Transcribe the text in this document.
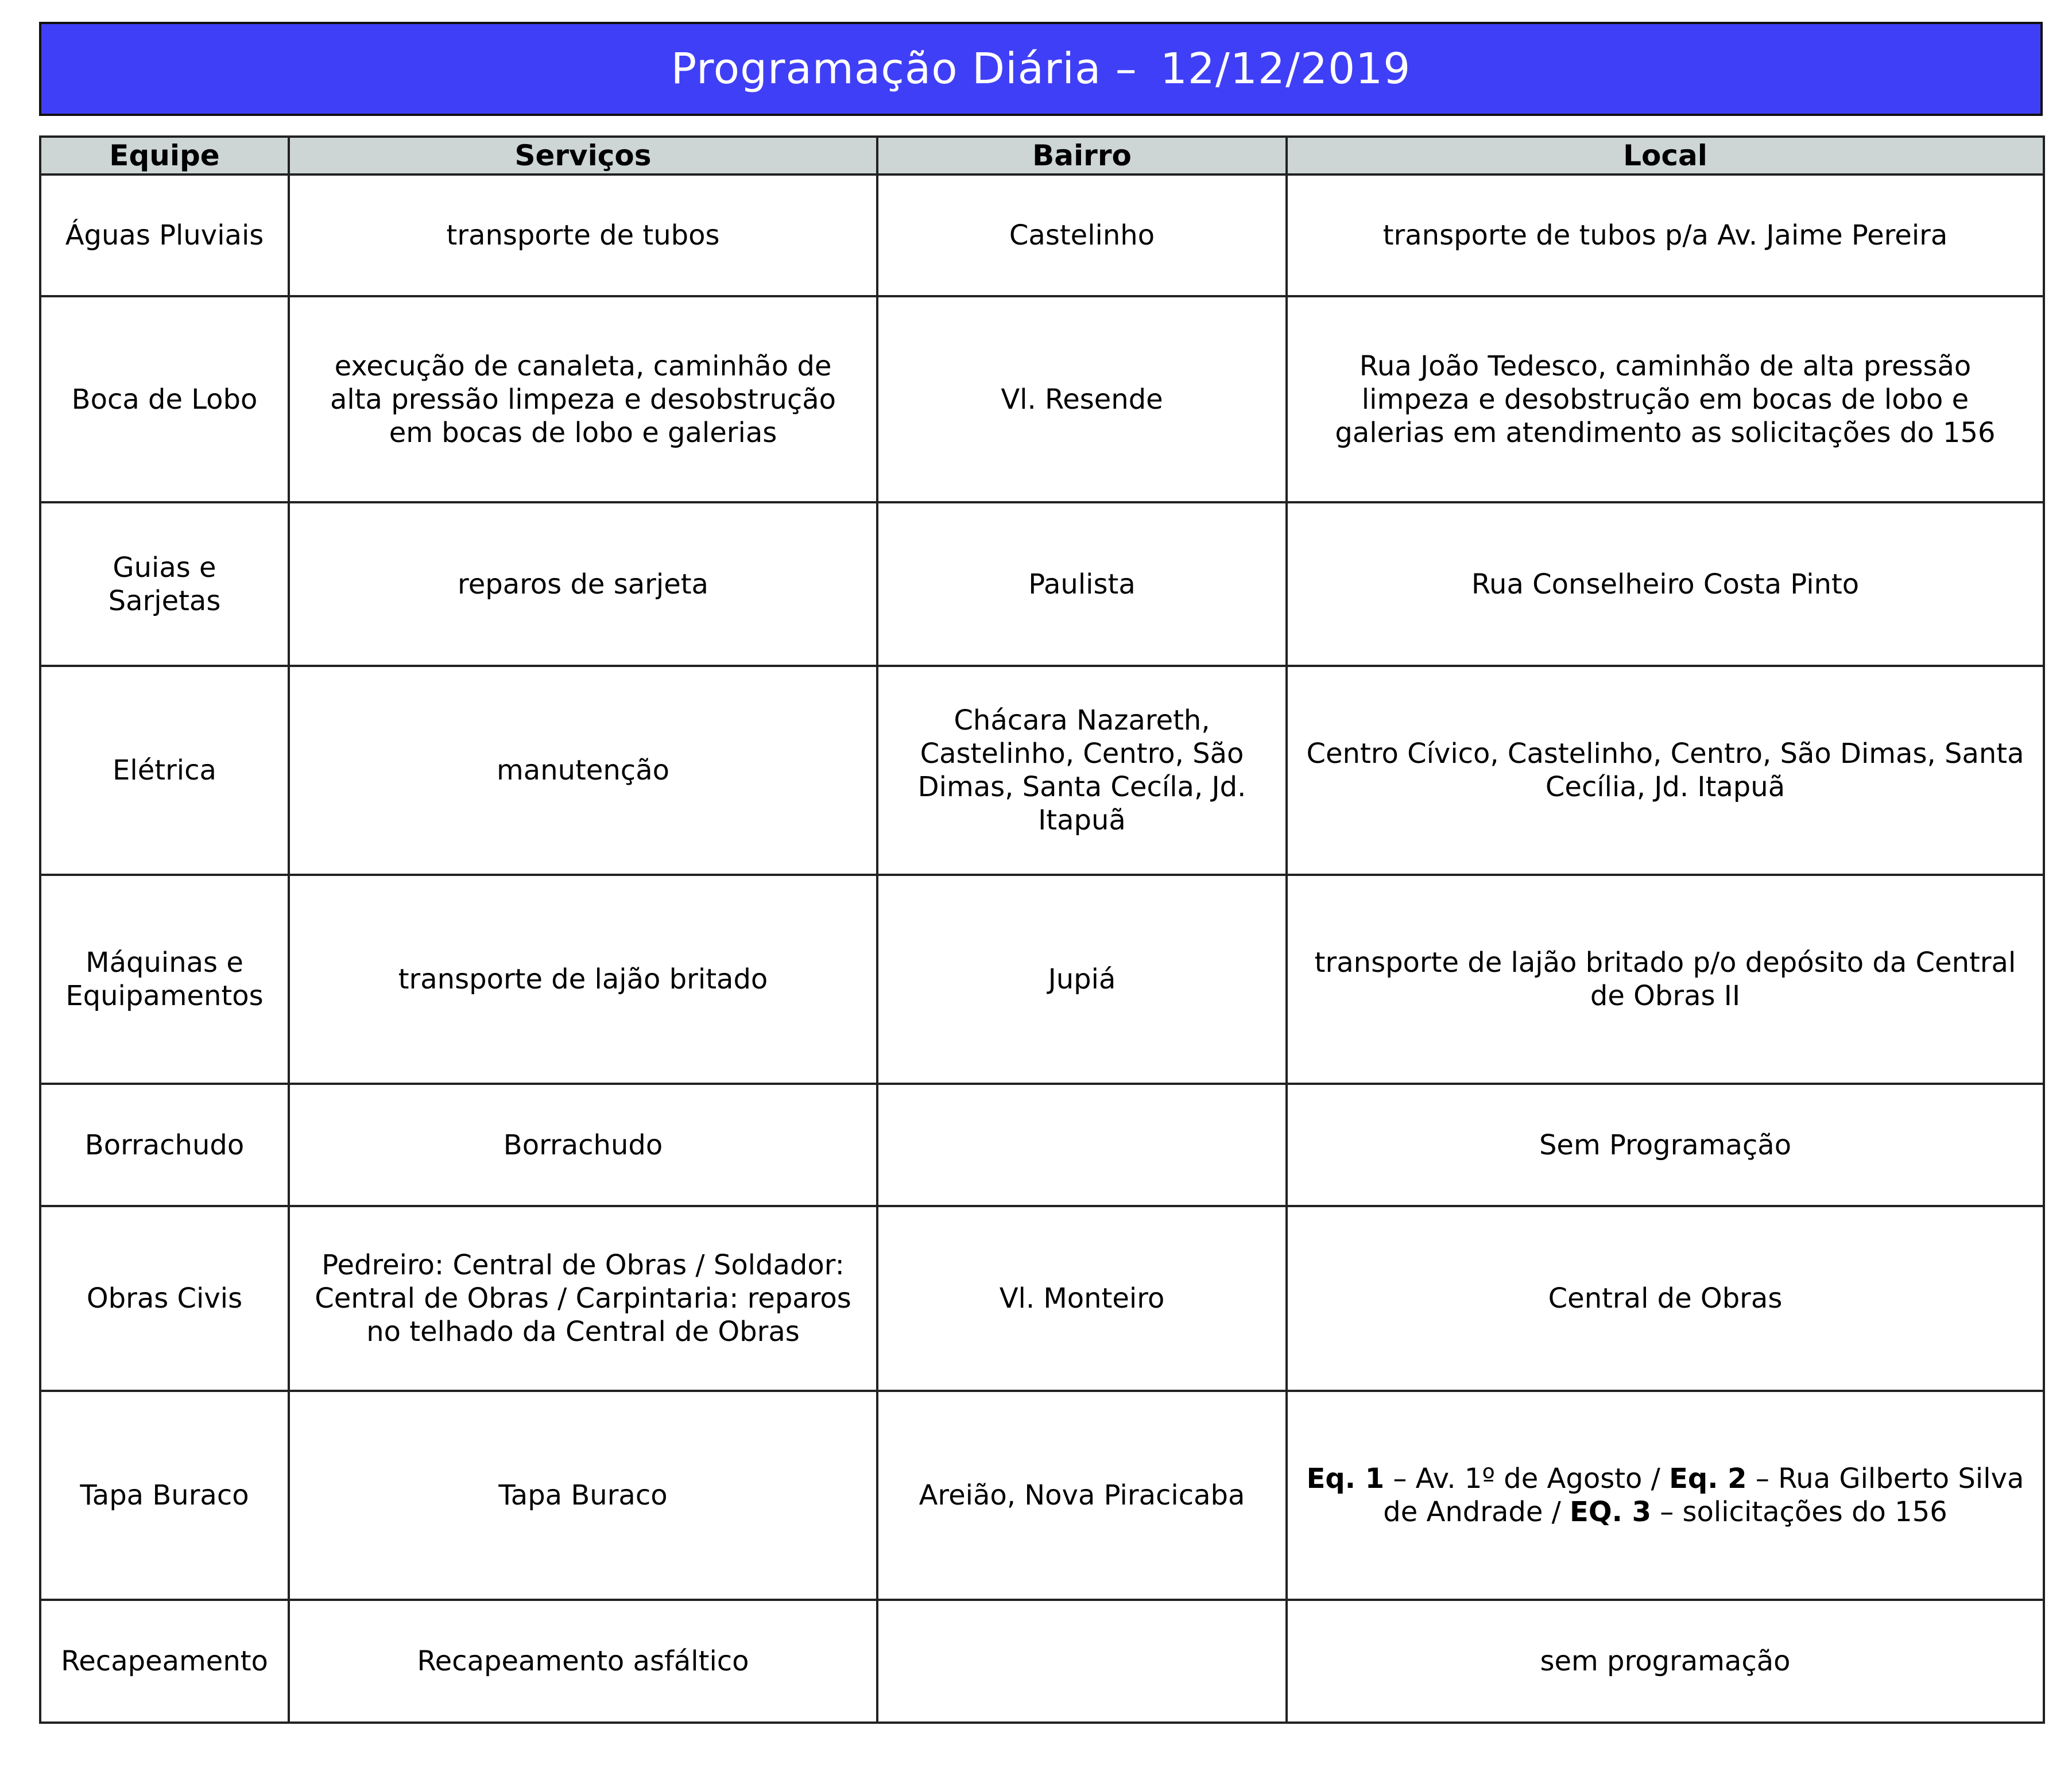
Programação Diária – 12/12/2019
Equipe	Serviços	Bairro	Local
Águas Pluviais	transporte de tubos	Castelinho	transporte de tubos p/a Av. Jaime Pereira
Boca de Lobo	execução de canaleta, caminhão de alta pressão limpeza e desobstrução em bocas de lobo e galerias	Vl. Resende	Rua João Tedesco, caminhão de alta pressão limpeza e desobstrução em bocas de lobo e galerias em atendimento as solicitações do 156
Guias e Sarjetas	reparos de sarjeta	Paulista	Rua Conselheiro Costa Pinto
Elétrica	manutenção	Chácara Nazareth, Castelinho, Centro, São Dimas, Santa Cecíla, Jd. Itapuã	Centro Cívico, Castelinho, Centro, São Dimas, Santa Cecília, Jd. Itapuã
Máquinas e Equipamentos	transporte de lajão britado	Jupiá	transporte de lajão britado p/o depósito da Central de Obras II
Borrachudo	Borrachudo		Sem Programação
Obras Civis	Pedreiro: Central de Obras / Soldador: Central de Obras / Carpintaria: reparos no telhado da Central de Obras	Vl. Monteiro	Central de Obras
Tapa Buraco	Tapa Buraco	Areião, Nova Piracicaba	Eq. 1 – Av. 1º de Agosto / Eq. 2 – Rua Gilberto Silva de Andrade / EQ. 3 – solicitações do 156
Recapeamento	Recapeamento asfáltico		sem programação
